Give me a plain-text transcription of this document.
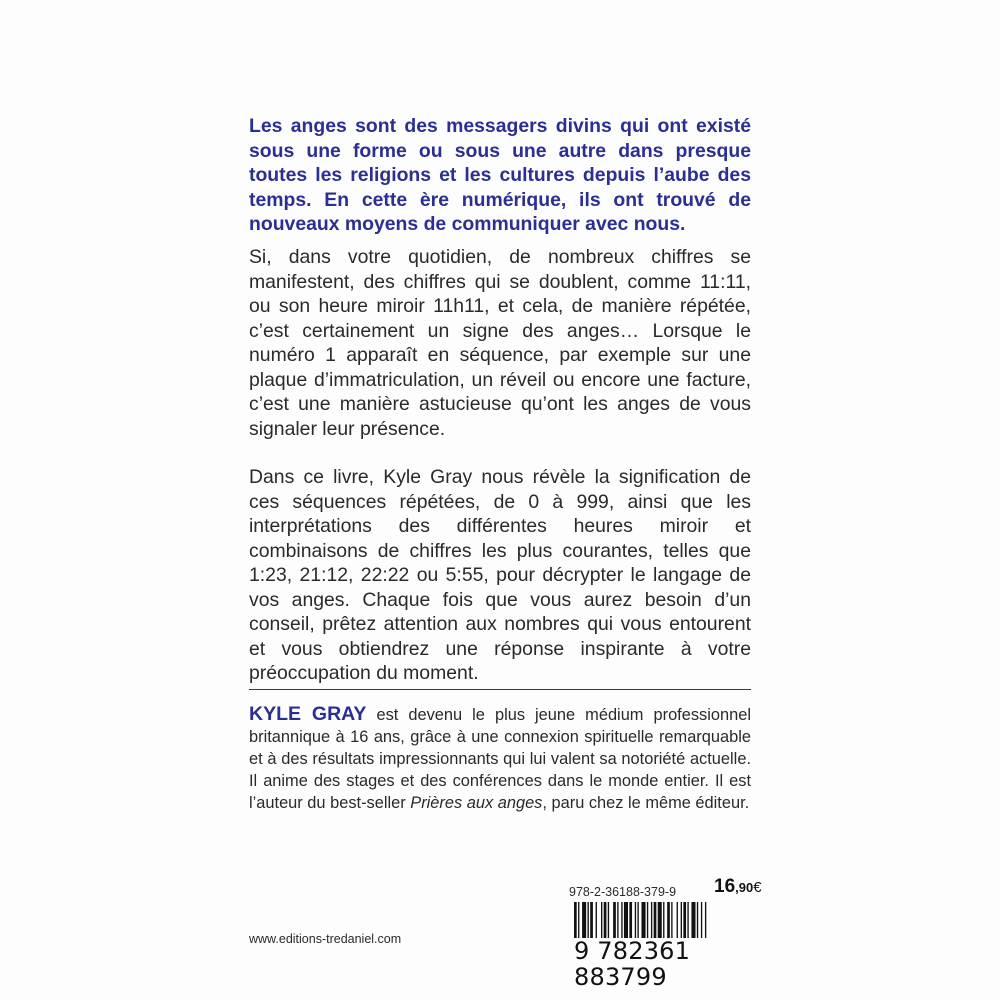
Les anges sont des messagers divins qui ont existé sous une forme ou sous une autre dans presque toutes les religions et les cultures depuis l’aube des temps. En cette ère numérique, ils ont trouvé de nouveaux moyens de communiquer avec nous.

Si, dans votre quotidien, de nombreux chiffres se manifestent, des chiffres qui se doublent, comme 11:11, ou son heure miroir 11h11, et cela, de manière répétée, c’est certainement un signe des anges… Lorsque le numéro 1 apparaît en séquence, par exemple sur une plaque d’immatriculation, un réveil ou encore une facture, c’est une manière astucieuse qu’ont les anges de vous signaler leur présence.

Dans ce livre, Kyle Gray nous révèle la signification de ces séquences répétées, de 0 à 999, ainsi que les interprétations des différentes heures miroir et combinaisons de chiffres les plus courantes, telles que 1:23, 21:12, 22:22 ou 5:55, pour décrypter le langage de vos anges. Chaque fois que vous aurez besoin d’un conseil, prêtez attention aux nombres qui vous entourent et vous obtiendrez une réponse inspirante à votre préoccupation du moment.

KYLE GRAY est devenu le plus jeune médium professionnel britannique à 16 ans, grâce à une connexion spirituelle remarquable et à des résultats impressionnants qui lui valent sa notoriété actuelle. Il anime des stages et des conférences dans le monde entier. Il est l’auteur du best-seller Prières aux anges, paru chez le même éditeur.

www.editions-tredaniel.com
978-2-36188-379-9 16,90€
9 782361 883799
